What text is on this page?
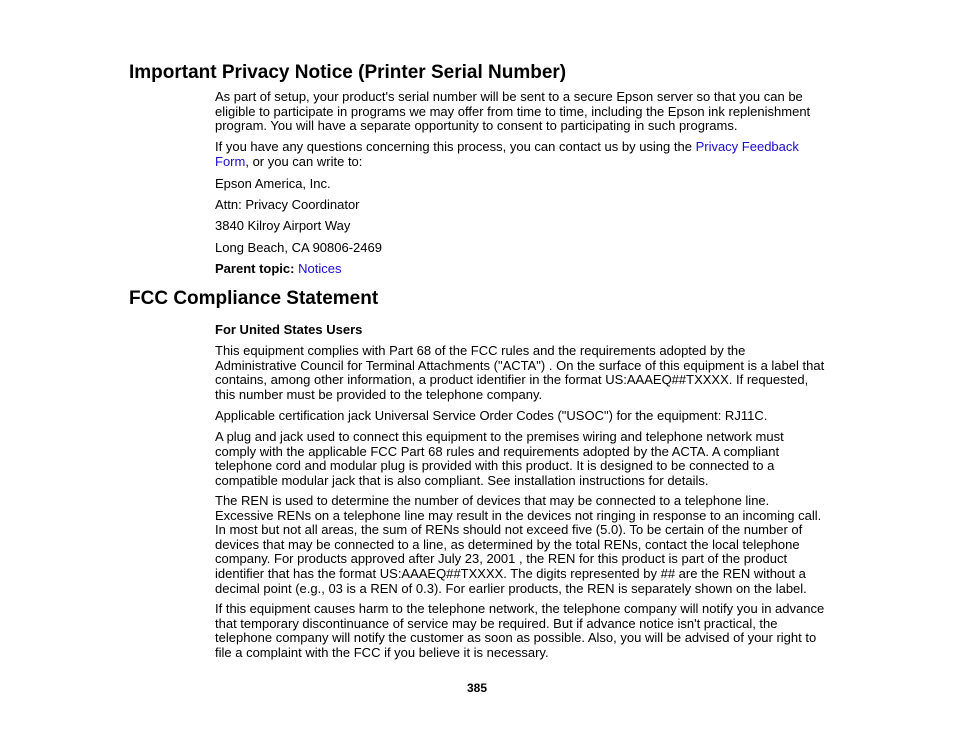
Important Privacy Notice (Printer Serial Number)

As part of setup, your product's serial number will be sent to a secure Epson server so that you can be eligible to participate in programs we may offer from time to time, including the Epson ink replenishment program. You will have a separate opportunity to consent to participating in such programs.

If you have any questions concerning this process, you can contact us by using the Privacy Feedback Form, or you can write to:

Epson America, Inc.

Attn: Privacy Coordinator

3840 Kilroy Airport Way

Long Beach, CA 90806-2469

Parent topic: Notices

FCC Compliance Statement

For United States Users

This equipment complies with Part 68 of the FCC rules and the requirements adopted by the Administrative Council for Terminal Attachments ("ACTA") . On the surface of this equipment is a label that contains, among other information, a product identifier in the format US:AAAEQ##TXXXX. If requested, this number must be provided to the telephone company.

Applicable certification jack Universal Service Order Codes ("USOC") for the equipment: RJ11C.

A plug and jack used to connect this equipment to the premises wiring and telephone network must comply with the applicable FCC Part 68 rules and requirements adopted by the ACTA. A compliant telephone cord and modular plug is provided with this product. It is designed to be connected to a compatible modular jack that is also compliant. See installation instructions for details.

The REN is used to determine the number of devices that may be connected to a telephone line. Excessive RENs on a telephone line may result in the devices not ringing in response to an incoming call. In most but not all areas, the sum of RENs should not exceed five (5.0). To be certain of the number of devices that may be connected to a line, as determined by the total RENs, contact the local telephone company. For products approved after July 23, 2001 , the REN for this product is part of the product identifier that has the format US:AAAEQ##TXXXX. The digits represented by ## are the REN without a decimal point (e.g., 03 is a REN of 0.3). For earlier products, the REN is separately shown on the label.

If this equipment causes harm to the telephone network, the telephone company will notify you in advance that temporary discontinuance of service may be required. But if advance notice isn't practical, the telephone company will notify the customer as soon as possible. Also, you will be advised of your right to file a complaint with the FCC if you believe it is necessary.

385
